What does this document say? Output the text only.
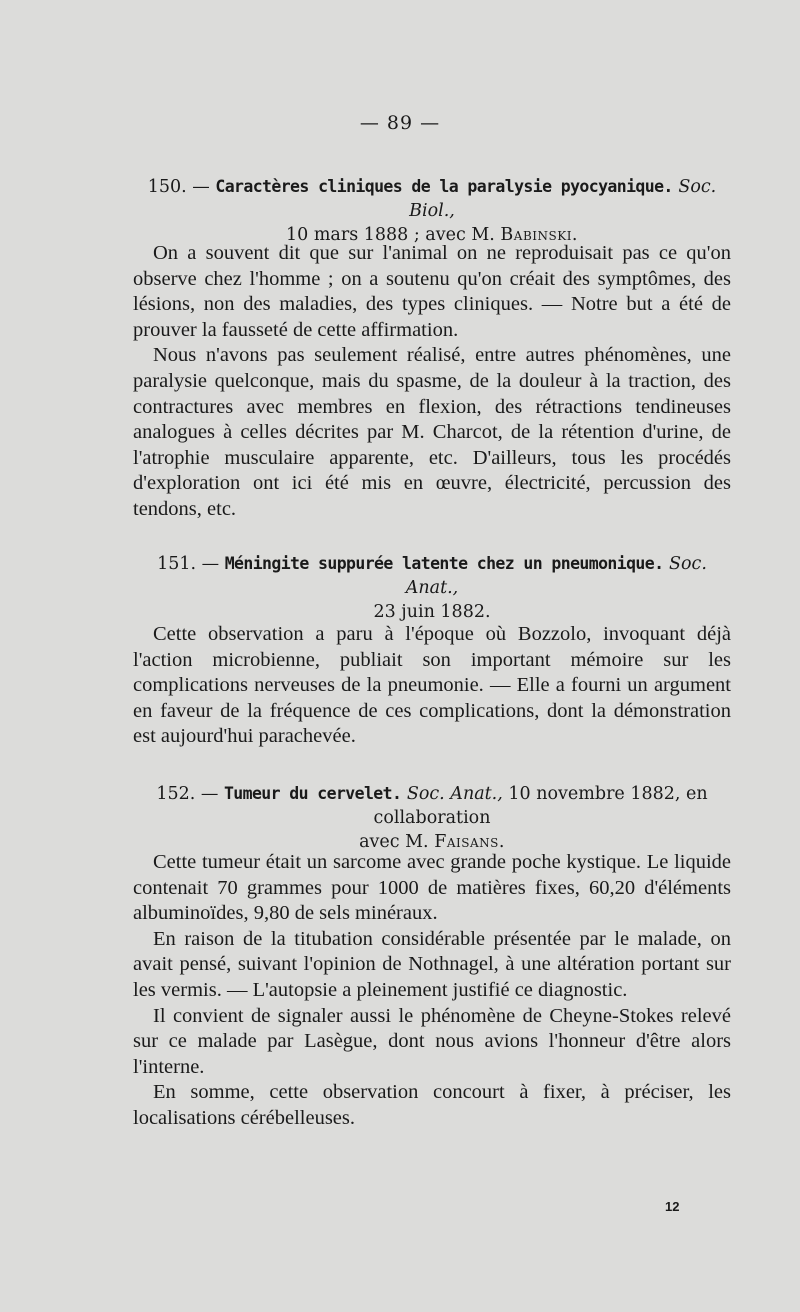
— 89 —
150. — Caractères cliniques de la paralysie pyocyanique. Soc. Biol.,
10 mars 1888 ; avec M. Babinski.

On a souvent dit que sur l'animal on ne reproduisait pas ce qu'on observe chez l'homme ; on a soutenu qu'on créait des symptômes, des lésions, non des maladies, des types cliniques. — Notre but a été de prouver la fausseté de cette affirmation.

Nous n'avons pas seulement réalisé, entre autres phénomènes, une paralysie quelconque, mais du spasme, de la douleur à la traction, des contractures avec membres en flexion, des rétractions tendineuses analogues à celles décrites par M. Charcot, de la rétention d'urine, de l'atrophie musculaire apparente, etc. D'ailleurs, tous les procédés d'exploration ont ici été mis en œuvre, électricité, percussion des tendons, etc.

151. — Méningite suppurée latente chez un pneumonique. Soc. Anat.,
23 juin 1882.

Cette observation a paru à l'époque où Bozzolo, invoquant déjà l'action microbienne, publiait son important mémoire sur les complications nerveuses de la pneumonie. — Elle a fourni un argument en faveur de la fréquence de ces complications, dont la démonstration est aujourd'hui parachevée.

152. — Tumeur du cervelet. Soc. Anat., 10 novembre 1882, en collaboration
avec M. Faisans.

Cette tumeur était un sarcome avec grande poche kystique. Le liquide contenait 70 grammes pour 1000 de matières fixes, 60,20 d'éléments albuminoïdes, 9,80 de sels minéraux.

En raison de la titubation considérable présentée par le malade, on avait pensé, suivant l'opinion de Nothnagel, à une altération portant sur les vermis. — L'autopsie a pleinement justifié ce diagnostic.

Il convient de signaler aussi le phénomène de Cheyne-Stokes relevé sur ce malade par Lasègue, dont nous avions l'honneur d'être alors l'interne.

En somme, cette observation concourt à fixer, à préciser, les localisations cérébelleuses.

12
